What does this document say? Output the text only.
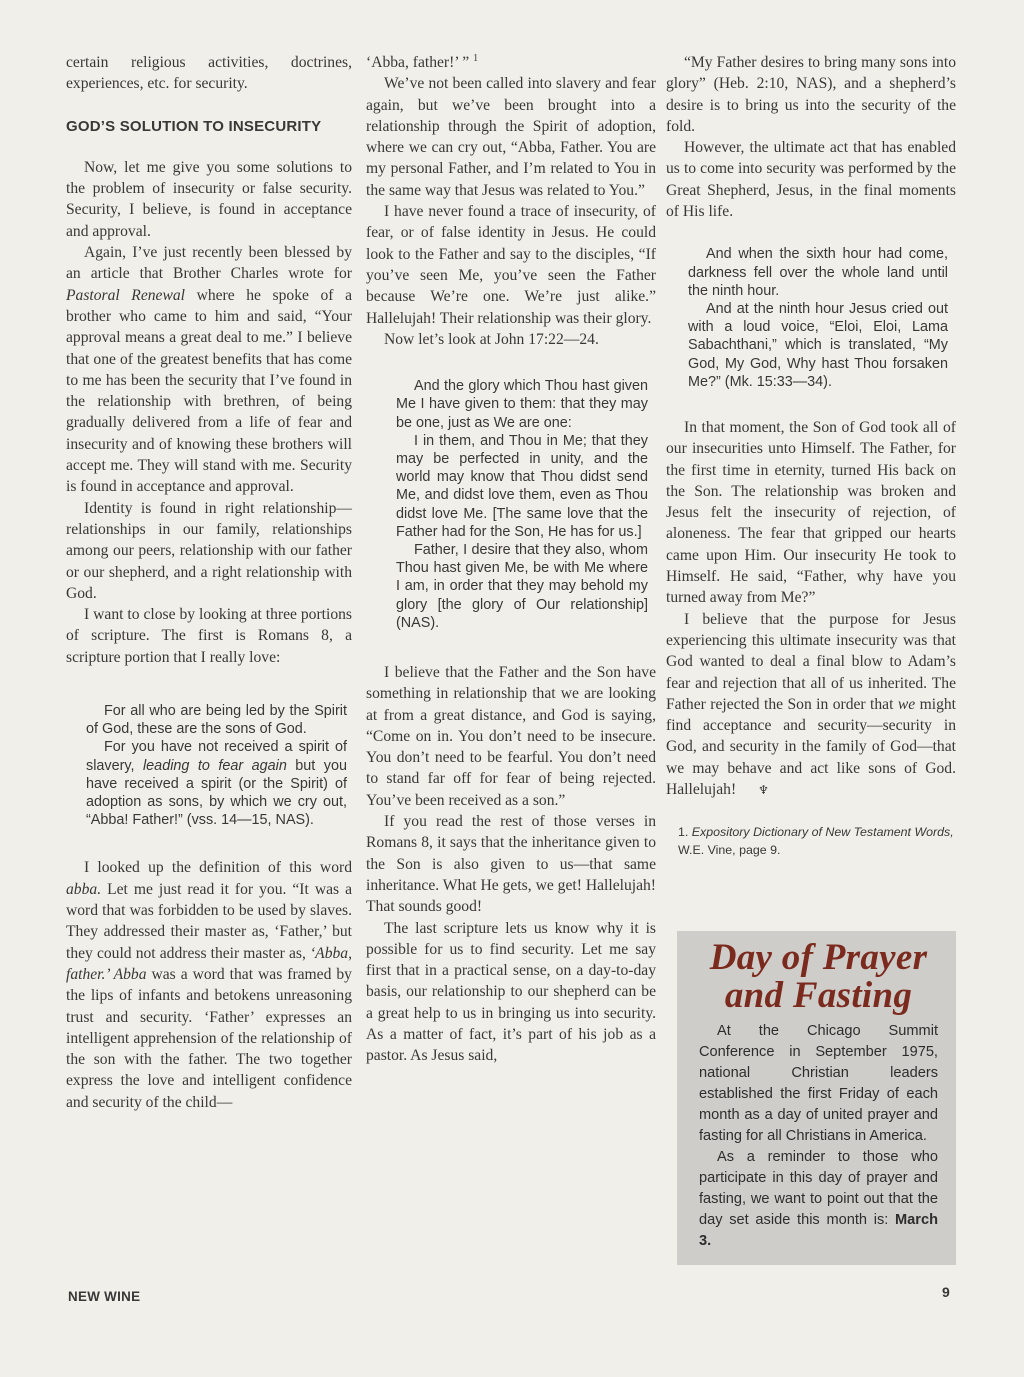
certain religious activities, doctrines, experiences, etc. for security.

GOD’S SOLUTION TO INSECURITY

Now, let me give you some solutions to the problem of insecurity or false security. Security, I believe, is found in acceptance and approval.

Again, I’ve just recently been blessed by an article that Brother Charles wrote for Pastoral Renewal where he spoke of a brother who came to him and said, “Your approval means a great deal to me.” I believe that one of the greatest benefits that has come to me has been the security that I’ve found in the relationship with brethren, of being gradually delivered from a life of fear and insecurity and of knowing these brothers will accept me. They will stand with me. Security is found in acceptance and approval.

Identity is found in right relationship—relationships in our family, relationships among our peers, relationship with our father or our shepherd, and a right relationship with God.

I want to close by looking at three portions of scripture. The first is Romans 8, a scripture portion that I really love:

For all who are being led by the Spirit of God, these are the sons of God.

For you have not received a spirit of slavery, leading to fear again but you have received a spirit (or the Spirit) of adoption as sons, by which we cry out, “Abba! Father!” (vss. 14—15, NAS).

I looked up the definition of this word abba. Let me just read it for you. “It was a word that was forbidden to be used by slaves. They addressed their master as, ‘Father,’ but they could not address their master as, ‘Abba, father.’ Abba was a word that was framed by the lips of infants and betokens unreasoning trust and security. ‘Father’ expresses an intelligent apprehension of the relationship of the son with the father. The two together express the love and intelligent confidence and security of the child—

‘Abba, father!’ ” $^1$

We’ve not been called into slavery and fear again, but we’ve been brought into a relationship through the Spirit of adoption, where we can cry out, “Abba, Father. You are my personal Father, and I’m related to You in the same way that Jesus was related to You.”

I have never found a trace of insecurity, of fear, or of false identity in Jesus. He could look to the Father and say to the disciples, “If you’ve seen Me, you’ve seen the Father because We’re one. We’re just alike.” Hallelujah! Their relationship was their glory.

Now let’s look at John 17:22—24.

And the glory which Thou hast given Me I have given to them: that they may be one, just as We are one:

I in them, and Thou in Me; that they may be perfected in unity, and the world may know that Thou didst send Me, and didst love them, even as Thou didst love Me. [The same love that the Father had for the Son, He has for us.]

Father, I desire that they also, whom Thou hast given Me, be with Me where I am, in order that they may behold my glory [the glory of Our relationship] (NAS).

I believe that the Father and the Son have something in relationship that we are looking at from a great distance, and God is saying, “Come on in. You don’t need to be insecure. You don’t need to be fearful. You don’t need to stand far off for fear of being rejected. You’ve been received as a son.”

If you read the rest of those verses in Romans 8, it says that the inheritance given to the Son is also given to us—that same inheritance. What He gets, we get! Hallelujah! That sounds good!

The last scripture lets us know why it is possible for us to find security. Let me say first that in a practical sense, on a day-to-day basis, our relationship to our shepherd can be a great help to us in bringing us into security. As a matter of fact, it’s part of his job as a pastor. As Jesus said,

“My Father desires to bring many sons into glory” (Heb. 2:10, NAS), and a shepherd’s desire is to bring us into the security of the fold.

However, the ultimate act that has enabled us to come into security was performed by the Great Shepherd, Jesus, in the final moments of His life.

And when the sixth hour had come, darkness fell over the whole land until the ninth hour.

And at the ninth hour Jesus cried out with a loud voice, “Eloi, Eloi, Lama Sabachthani,” which is translated, “My God, My God, Why hast Thou forsaken Me?” (Mk. 15:33—34).

In that moment, the Son of God took all of our insecurities unto Himself. The Father, for the first time in eternity, turned His back on the Son. The relationship was broken and Jesus felt the insecurity of rejection, of aloneness. The fear that gripped our hearts came upon Him. Our insecurity He took to Himself. He said, “Father, why have you turned away from Me?”

I believe that the purpose for Jesus experiencing this ultimate insecurity was that God wanted to deal a final blow to Adam’s fear and rejection that all of us inherited. The Father rejected the Son in order that we might find acceptance and security—security in God, and security in the family of God—that we may behave and act like sons of God. Hallelujah! ♆

1. Expository Dictionary of New Testament Words, W.E. Vine, page 9.
Day of Prayer
and Fasting

At the Chicago Summit Conference in September 1975, national Christian leaders established the first Friday of each month as a day of united prayer and fasting for all Christians in America.

As a reminder to those who participate in this day of prayer and fasting, we want to point out that the day set aside this month is: March 3.

NEW WINE	9
